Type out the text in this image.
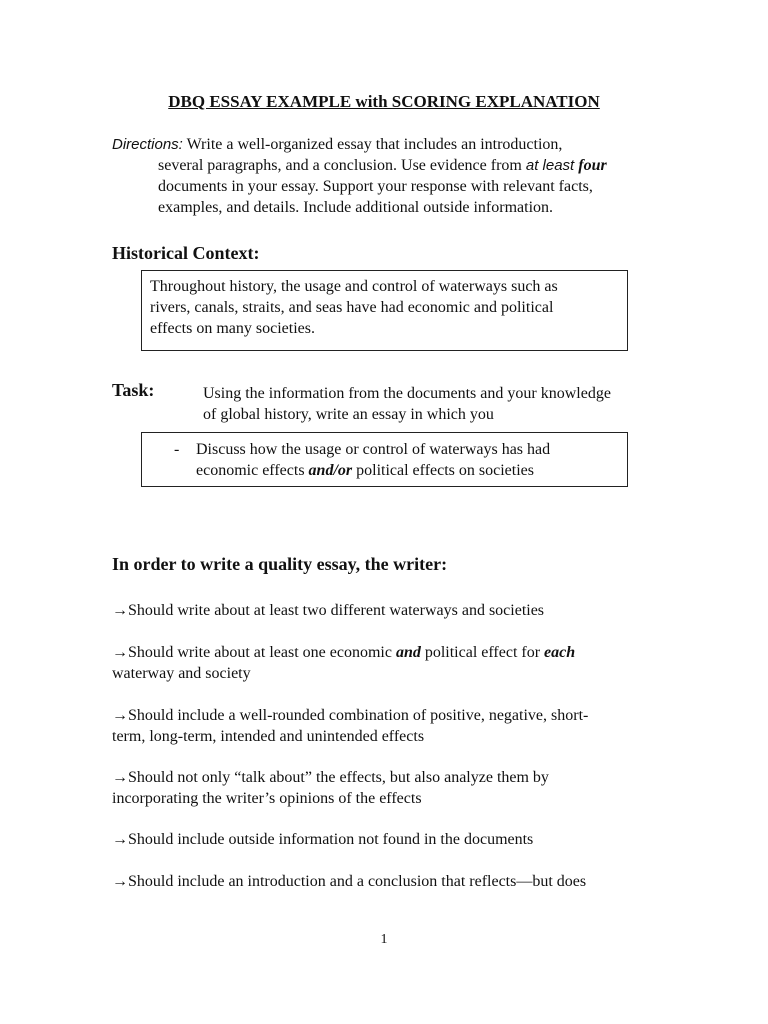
DBQ ESSAY EXAMPLE with SCORING EXPLANATION
Directions: Write a well-organized essay that includes an introduction,
several paragraphs, and a conclusion. Use evidence from at least four
documents in your essay. Support your response with relevant facts,
examples, and details. Include additional outside information.
Historical Context:
Throughout history, the usage and control of waterways such as
rivers, canals, straits, and seas have had economic and political
effects on many societies.
Task:	Using the information from the documents and your knowledge
of global history, write an essay in which you
- Discuss how the usage or control of waterways has had
economic effects and/or political effects on societies
In order to write a quality essay, the writer:
→Should write about at least two different waterways and societies
→Should write about at least one economic and political effect for each
waterway and society
→Should include a well-rounded combination of positive, negative, short-
term, long-term, intended and unintended effects
→Should not only “talk about” the effects, but also analyze them by
incorporating the writer’s opinions of the effects
→Should include outside information not found in the documents
→Should include an introduction and a conclusion that reflects—but does
1
